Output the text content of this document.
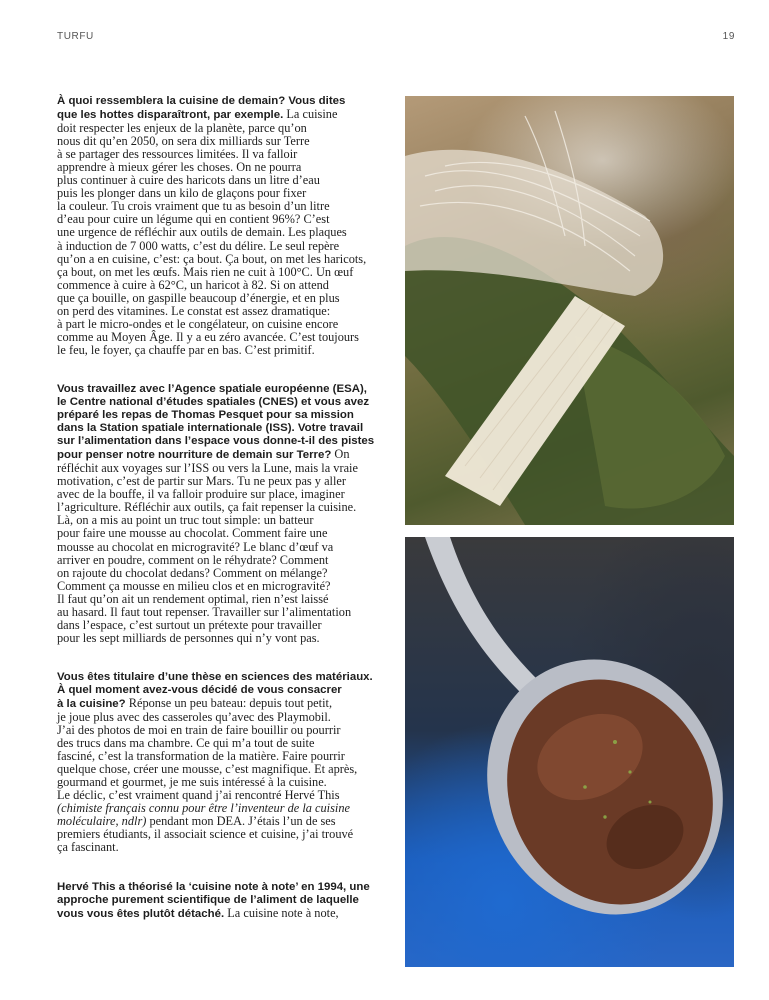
TURFU	19
À quoi ressemblera la cuisine de demain? Vous dites
que les hottes disparaîtront, par exemple. La cuisine
doit respecter les enjeux de la planète, parce qu’on
nous dit qu’en 2050, on sera dix milliards sur Terre
à se partager des ressources limitées. Il va falloir
apprendre à mieux gérer les choses. On ne pourra
plus continuer à cuire des haricots dans un litre d’eau
puis les plonger dans un kilo de glaçons pour fixer
la couleur. Tu crois vraiment que tu as besoin d’un litre
d’eau pour cuire un légume qui en contient 96%? C’est
une urgence de réfléchir aux outils de demain. Les plaques
à induction de 7 000 watts, c’est du délire. Le seul repère
qu’on a en cuisine, c’est: ça bout. Ça bout, on met les haricots,
ça bout, on met les œufs. Mais rien ne cuit à 100°C. Un œuf
commence à cuire à 62°C, un haricot à 82. Si on attend
que ça bouille, on gaspille beaucoup d’énergie, et en plus
on perd des vitamines. Le constat est assez dramatique:
à part le micro-ondes et le congélateur, on cuisine encore
comme au Moyen Âge. Il y a eu zéro avancée. C’est toujours
le feu, le foyer, ça chauffe par en bas. C’est primitif.
Vous travaillez avec l’Agence spatiale européenne (ESA),
le Centre national d’études spatiales (CNES) et vous avez
préparé les repas de Thomas Pesquet pour sa mission
dans la Station spatiale internationale (ISS). Votre travail
sur l’alimentation dans l’espace vous donne-t-il des pistes
pour penser notre nourriture de demain sur Terre? On
réfléchit aux voyages sur l’ISS ou vers la Lune, mais la vraie
motivation, c’est de partir sur Mars. Tu ne peux pas y aller
avec de la bouffe, il va falloir produire sur place, imaginer
l’agriculture. Réfléchir aux outils, ça fait repenser la cuisine.
Là, on a mis au point un truc tout simple: un batteur
pour faire une mousse au chocolat. Comment faire une
mousse au chocolat en microgravité? Le blanc d’œuf va
arriver en poudre, comment on le réhydrate? Comment
on rajoute du chocolat dedans? Comment on mélange?
Comment ça mousse en milieu clos et en microgravité?
Il faut qu’on ait un rendement optimal, rien n’est laissé
au hasard. Il faut tout repenser. Travailler sur l’alimentation
dans l’espace, c’est surtout un prétexte pour travailler
pour les sept milliards de personnes qui n’y vont pas.
Vous êtes titulaire d’une thèse en sciences des matériaux.
À quel moment avez-vous décidé de vous consacrer
à la cuisine? Réponse un peu bateau: depuis tout petit,
je joue plus avec des casseroles qu’avec des Playmobil.
J’ai des photos de moi en train de faire bouillir ou pourrir
des trucs dans ma chambre. Ce qui m’a tout de suite
fasciné, c’est la transformation de la matière. Faire pourrir
quelque chose, créer une mousse, c’est magnifique. Et après,
gourmand et gourmet, je me suis intéressé à la cuisine.
Le déclic, c’est vraiment quand j’ai rencontré Hervé This
(chimiste français connu pour être l’inventeur de la cuisine
moléculaire, ndlr) pendant mon DEA. J’étais l’un de ses
premiers étudiants, il associait science et cuisine, j’ai trouvé
ça fascinant.
Hervé This a théorisé la ‘cuisine note à note’ en 1994, une
approche purement scientifique de l’aliment de laquelle
vous vous êtes plutôt détaché. La cuisine note à note,
